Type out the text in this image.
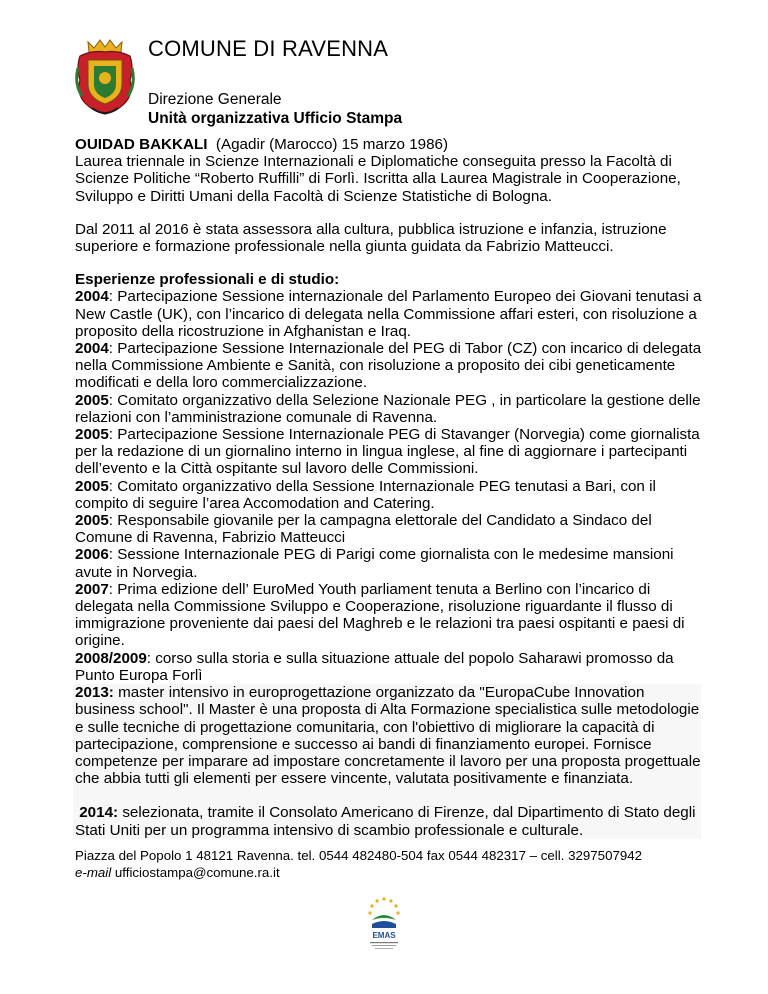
COMUNE DI RAVENNA
Direzione Generale
Unità organizzativa Ufficio Stampa

OUIDAD BAKKALI (Agadir (Marocco) 15 marzo 1986)

Laurea triennale in Scienze Internazionali e Diplomatiche conseguita presso la Facoltà di Scienze Politiche “Roberto Ruffilli” di Forlì. Iscritta alla Laurea Magistrale in Cooperazione, Sviluppo e Diritti Umani della Facoltà di Scienze Statistiche di Bologna.

Dal 2011 al 2016 è stata assessora alla cultura, pubblica istruzione e infanzia, istruzione superiore e formazione professionale nella giunta guidata da Fabrizio Matteucci.

Esperienze professionali e di studio:

2004: Partecipazione Sessione internazionale del Parlamento Europeo dei Giovani tenutasi a New Castle (UK), con l’incarico di delegata nella Commissione affari esteri, con risoluzione a proposito della ricostruzione in Afghanistan e Iraq.

2004: Partecipazione Sessione Internazionale del PEG di Tabor (CZ) con incarico di delegata nella Commissione Ambiente e Sanità, con risoluzione a proposito dei cibi geneticamente modificati e della loro commercializzazione.

2005: Comitato organizzativo della Selezione Nazionale PEG , in particolare la gestione delle relazioni con l’amministrazione comunale di Ravenna.

2005: Partecipazione Sessione Internazionale PEG di Stavanger (Norvegia) come giornalista per la redazione di un giornalino interno in lingua inglese, al fine di aggiornare i partecipanti dell’evento e la Città ospitante sul lavoro delle Commissioni.

2005: Comitato organizzativo della Sessione Internazionale PEG tenutasi a Bari, con il compito di seguire l’area Accomodation and Catering.

2005: Responsabile giovanile per la campagna elettorale del Candidato a Sindaco del Comune di Ravenna, Fabrizio Matteucci

2006: Sessione Internazionale PEG di Parigi come giornalista con le medesime mansioni avute in Norvegia.

2007: Prima edizione dell’ EuroMed Youth parliament tenuta a Berlino con l’incarico di delegata nella Commissione Sviluppo e Cooperazione, risoluzione riguardante il flusso di immigrazione proveniente dai paesi del Maghreb e le relazioni tra paesi ospitanti e paesi di origine.

2008/2009: corso sulla storia e sulla situazione attuale del popolo Saharawi promosso da Punto Europa Forlì

2013: master intensivo in europrogettazione organizzato da "EuropaCube Innovation business school". Il Master è una proposta di Alta Formazione specialistica sulle metodologie e sulle tecniche di progettazione comunitaria, con l'obiettivo di migliorare la capacità di partecipazione, comprensione e successo ai bandi di finanziamento europei. Fornisce competenze per imparare ad impostare concretamente il lavoro per una proposta progettuale che abbia tutti gli elementi per essere vincente, valutata positivamente e finanziata.

2014: selezionata, tramite il Consolato Americano di Firenze, dal Dipartimento di Stato degli Stati Uniti per un programma intensivo di scambio professionale e culturale.

Piazza del Popolo 1 48121 Ravenna. tel. 0544 482480-504 fax 0544 482317 – cell. 3297507942
e-mail ufficiostampa@comune.ra.it
EMAS
